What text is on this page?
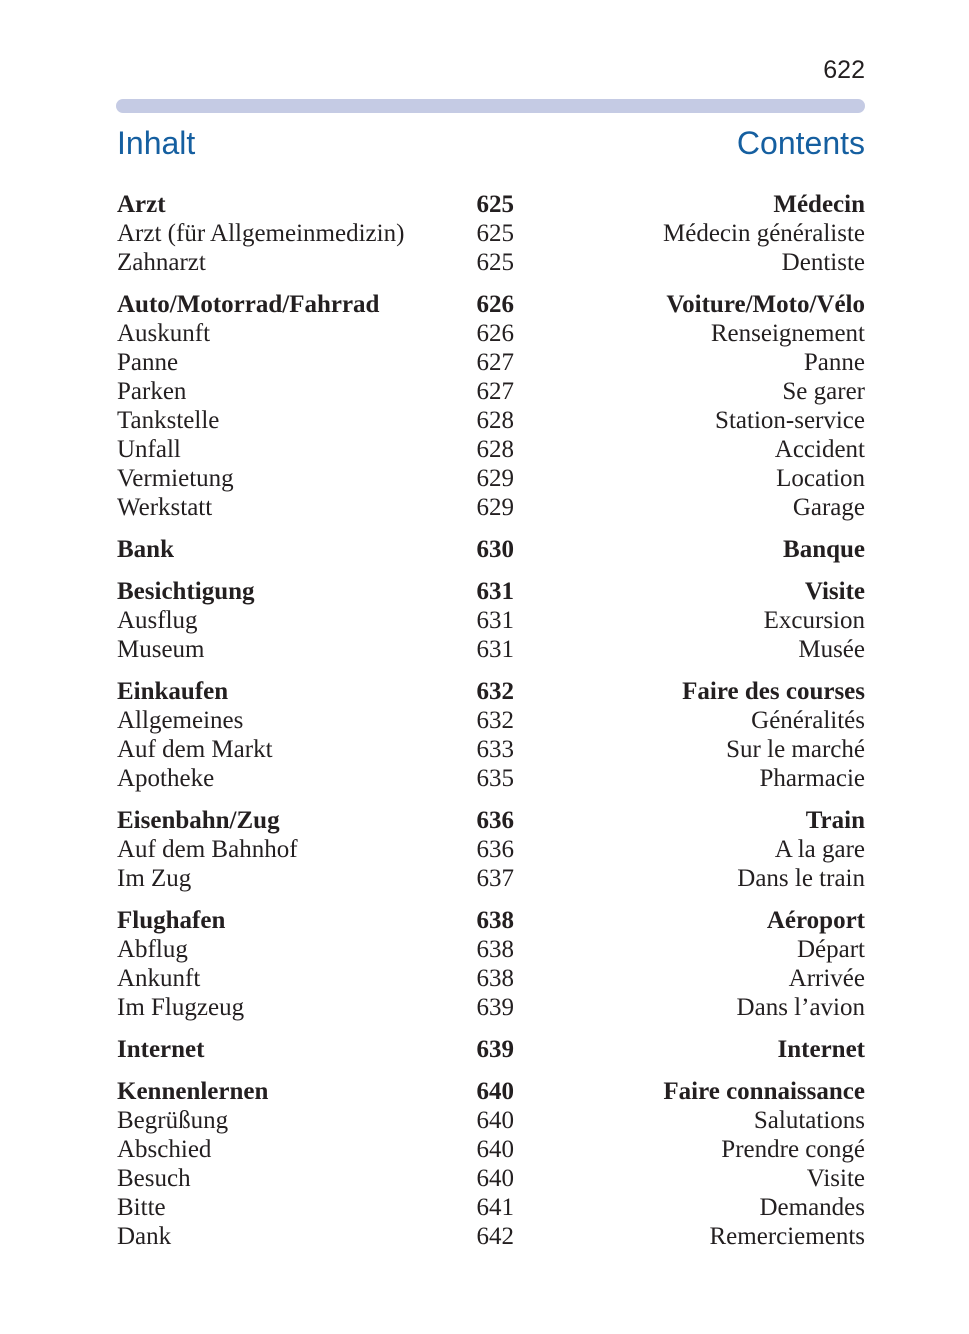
622
Inhalt	Contents
Arzt	625	Médecin
Arzt (für Allgemeinmedizin)	625	Médecin généraliste
Zahnarzt	625	Dentiste
Auto/Motorrad/Fahrrad	626	Voiture/Moto/Vélo
Auskunft	626	Renseignement
Panne	627	Panne
Parken	627	Se garer
Tankstelle	628	Station-service
Unfall	628	Accident
Vermietung	629	Location
Werkstatt	629	Garage
Bank	630	Banque
Besichtigung	631	Visite
Ausflug	631	Excursion
Museum	631	Musée
Einkaufen	632	Faire des courses
Allgemeines	632	Généralités
Auf dem Markt	633	Sur le marché
Apotheke	635	Pharmacie
Eisenbahn/Zug	636	Train
Auf dem Bahnhof	636	A la gare
Im Zug	637	Dans le train
Flughafen	638	Aéroport
Abflug	638	Départ
Ankunft	638	Arrivée
Im Flugzeug	639	Dans l’avion
Internet	639	Internet
Kennenlernen	640	Faire connaissance
Begrüßung	640	Salutations
Abschied	640	Prendre congé
Besuch	640	Visite
Bitte	641	Demandes
Dank	642	Remerciements
